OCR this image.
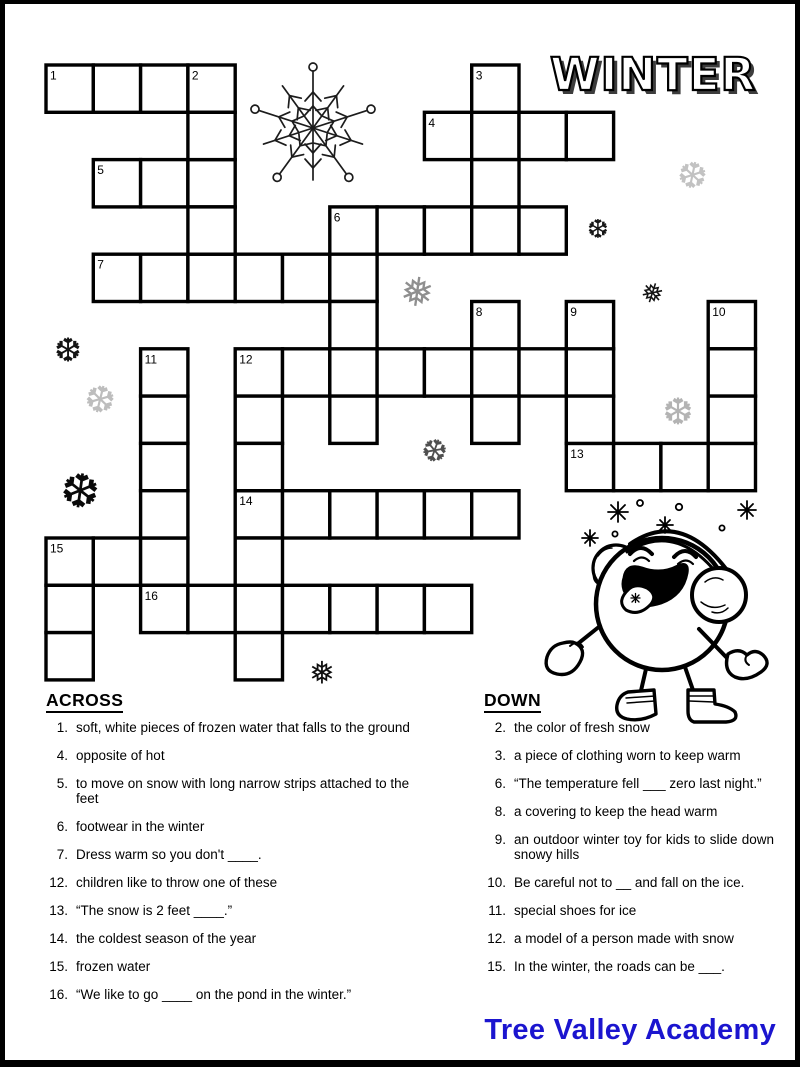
WINTER
1	2	3
4
5
6
7
8	9	10
11	12
13
14
15
16
❆
❆
❅	❅
❆
❆	❆
❆
❆
❅
ACROSS
1. soft, white pieces of frozen water that falls to the ground
4. opposite of hot
5. to move on snow with long narrow strips attached to the feet
6. footwear in the winter
7. Dress warm so you don't ____.
12. children like to throw one of these
13. “The snow is 2 feet ____.”
14. the coldest season of the year
15. frozen water
16. “We like to go ____ on the pond in the winter.”
DOWN
2. the color of fresh snow
3. a piece of clothing worn to keep warm
6. “The temperature fell ___ zero last night.”
8. a covering to keep the head warm
9. an outdoor winter toy for kids to slide down snowy hills
10. Be careful not to __ and fall on the ice.
11. special shoes for ice
12. a model of a person made with snow
15. In the winter, the roads can be ___.
Tree Valley Academy
